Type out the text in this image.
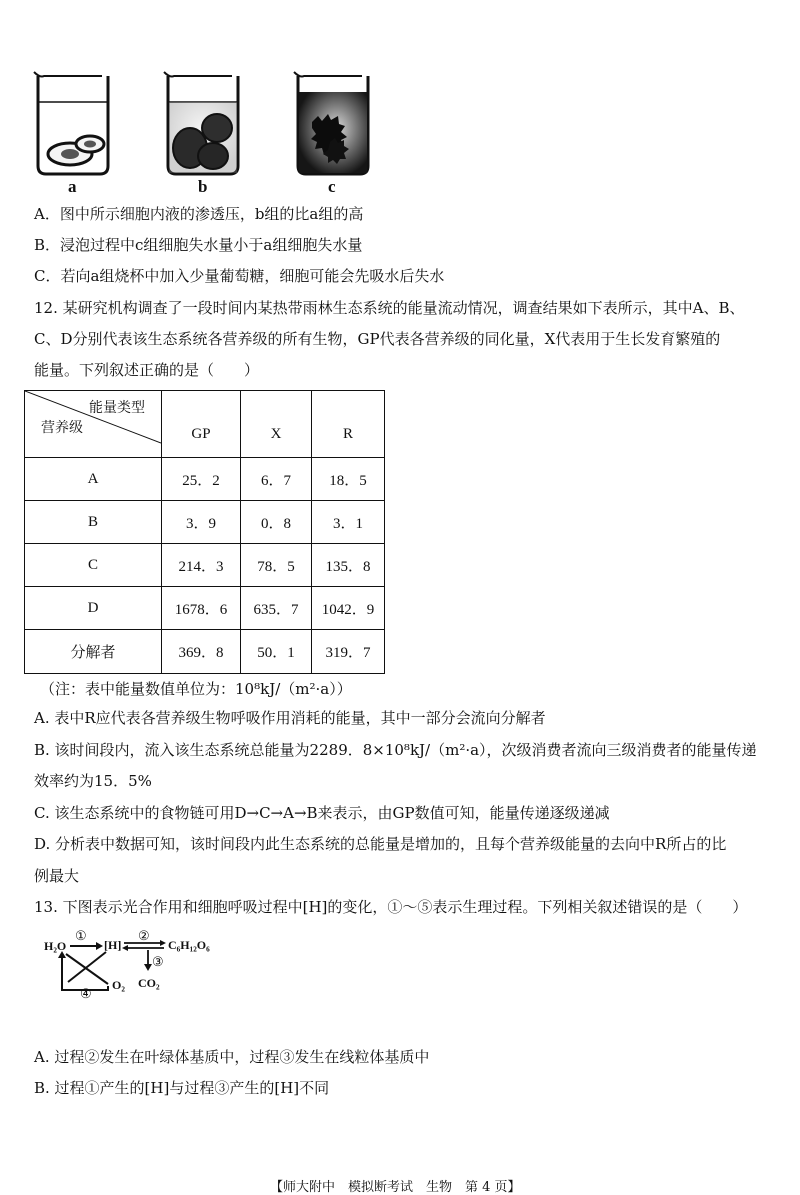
a	b	c
A．图中所示细胞内液的渗透压，b组的比a组的高
B．浸泡过程中c组细胞失水量小于a组细胞失水量
C．若向a组烧杯中加入少量葡萄糖，细胞可能会先吸水后失水
12. 某研究机构调查了一段时间内某热带雨林生态系统的能量流动情况，调查结果如下表所示，其中A、B、
C、D分别代表该生态系统各营养级的所有生物，GP代表各营养级的同化量，X代表用于生长发育繁殖的
能量。下列叙述正确的是（　　）
能量类型
营养级	GP	X	R
A	25．2	6．7	18．5
B	3．9	0．8	3．1
C	214．3	78．5	135．8
D	1678．6	635．7	1042．9
分解者	369．8	50．1	319．7
（注：表中能量数值单位为：10⁸kJ/（m²·a））
A. 表中R应代表各营养级生物呼吸作用消耗的能量，其中一部分会流向分解者
B. 该时间段内，流入该生态系统总能量为2289．8×10⁸kJ/（m²·a），次级消费者流向三级消费者的能量传递
效率约为15．5%
C. 该生态系统中的食物链可用D→C→A→B来表示，由GP数值可知，能量传递逐级递减
D. 分析表中数据可知，该时间段内此生态系统的总能量是增加的，且每个营养级能量的去向中R所占的比
例最大
13. 下图表示光合作用和细胞呼吸过程中[H]的变化，①～⑤表示生理过程。下列相关叙述错误的是（　　）
H₂O
①
[H]
②
C₆H₁₂O₆
③
CO₂
O₂
④
A. 过程②发生在叶绿体基质中，过程③发生在线粒体基质中
B. 过程①产生的[H]与过程③产生的[H]不同
【师大附中　模拟断考试　生物　第 4 页】
